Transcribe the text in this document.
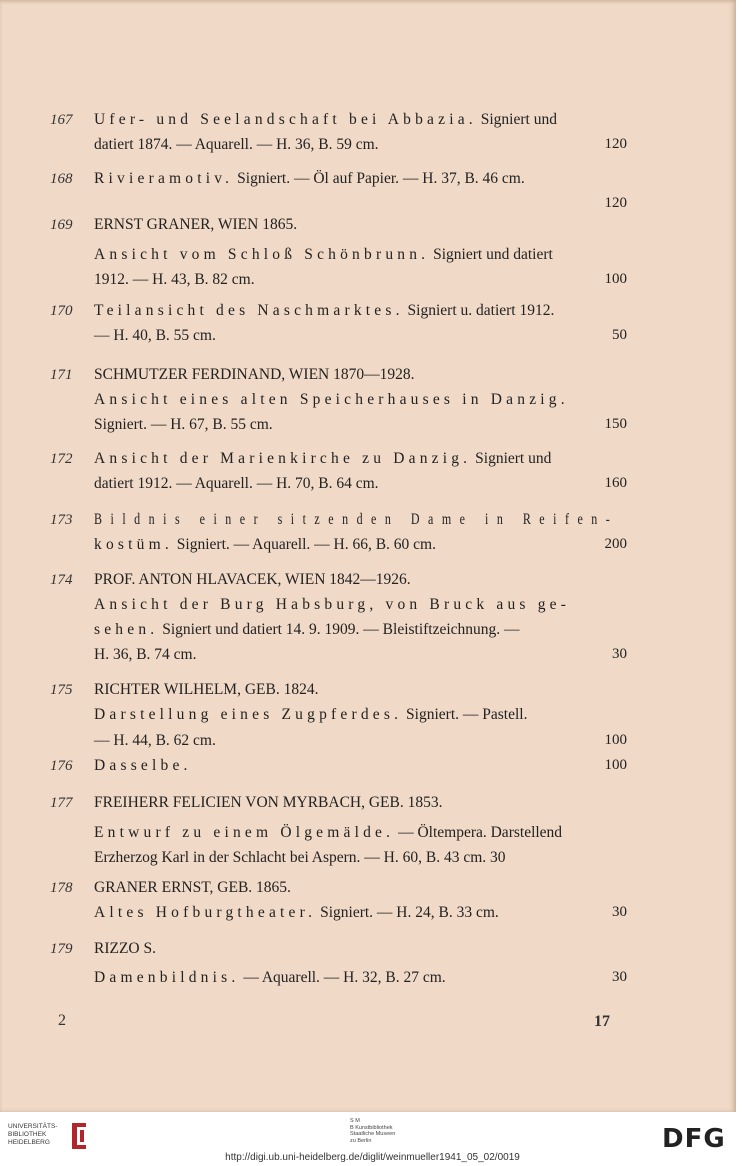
167	Ufer- und Seelandschaft bei Abbazia. Signiert und
datiert 1874. — Aquarell. — H. 36, B. 59 cm.	120
168	Rivieramotiv. Signiert. — Öl auf Papier. — H. 37, B. 46 cm.
120
169	ERNST GRANER, WIEN 1865.
Ansicht vom Schloß Schönbrunn. Signiert und datiert
1912. — H. 43, B. 82 cm.	100
170	Teilansicht des Naschmarktes. Signiert u. datiert 1912.
— H. 40, B. 55 cm.	50
171	SCHMUTZER FERDINAND, WIEN 1870—1928.
Ansicht eines alten Speicherhauses in Danzig.
Signiert. — H. 67, B. 55 cm.	150
172	Ansicht der Marienkirche zu Danzig. Signiert und
datiert 1912. — Aquarell. — H. 70, B. 64 cm.	160
173	Bildnis einer sitzenden Dame in Reifen-
kostüm. Signiert. — Aquarell. — H. 66, B. 60 cm.	200
174	PROF. ANTON HLAVACEK, WIEN 1842—1926.
Ansicht der Burg Habsburg, von Bruck aus ge-
sehen. Signiert und datiert 14. 9. 1909. — Bleistiftzeichnung. —
H. 36, B. 74 cm.	30
175	RICHTER WILHELM, GEB. 1824.
Darstellung eines Zugpferdes. Signiert. — Pastell.
— H. 44, B. 62 cm.	100
176	Dasselbe.	100
177	FREIHERR FELICIEN VON MYRBACH, GEB. 1853.
Entwurf zu einem Ölgemälde. — Öltempera. Darstellend
Erzherzog Karl in der Schlacht bei Aspern. — H. 60, B. 43 cm. 30
178	GRANER ERNST, GEB. 1865.
Altes Hofburgtheater. Signiert. — H. 24, B. 33 cm.	30
179	RIZZO S.
Damenbildnis. — Aquarell. — H. 32, B. 27 cm.	30
2	17
UNIVERSITÄTS-
BIBLIOTHEK
HEIDELBERG
S M
B Kunstbibliothek
Staatliche Museen
zu Berlin	DFG
http://digi.ub.uni-heidelberg.de/diglit/weinmueller1941_05_02/0019
